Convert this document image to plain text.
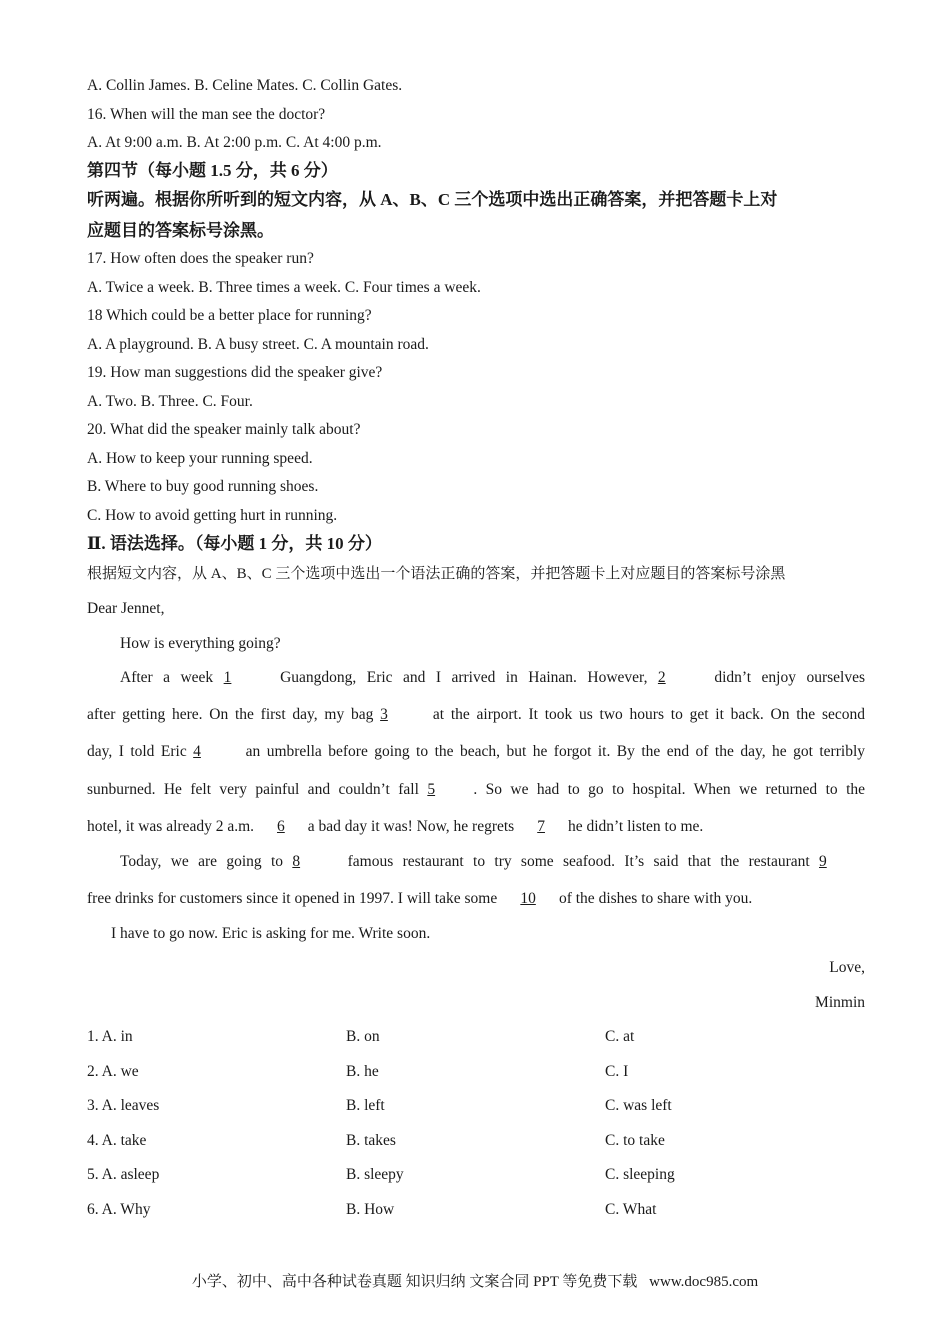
A. Collin James. B. Celine Mates. C. Collin Gates.
16. When will the man see the doctor?
A. At 9:00 a.m. B. At 2:00 p.m. C. At 4:00 p.m.
第四节（每小题 1.5 分，共 6 分）
听两遍。根据你所听到的短文内容，从 A、B、C 三个选项中选出正确答案，并把答题卡上对
应题目的答案标号涂黑。
17. How often does the speaker run?
A. Twice a week. B. Three times a week. C. Four times a week.
18 Which could be a better place for running?
A. A playground. B. A busy street. C. A mountain road.
19. How man suggestions did the speaker give?
A. Two. B. Three. C. Four.
20. What did the speaker mainly talk about?
A. How to keep your running speed.
B. Where to buy good running shoes.
C. How to avoid getting hurt in running.
Ⅱ. 语法选择。（每小题 1 分，共 10 分）
根据短文内容，从 A、B、C 三个选项中选出一个语法正确的答案，并把答题卡上对应题目的答案标号涂黑
Dear Jennet,
How is everything going?
After a week 1 Guangdong, Eric and I arrived in Hainan. However, 2 didn’t enjoy ourselves
after getting here. On the first day, my bag 3 at the airport. It took us two hours to get it back. On the second
day, I told Eric 4 an umbrella before going to the beach, but he forgot it. By the end of the day, he got terribly
sunburned. He felt very painful and couldn’t fall 5 . So we had to go to hospital. When we returned to the
hotel, it was already 2 a.m. 6 a bad day it was! Now, he regrets 7 he didn’t listen to me.
Today, we are going to 8 famous restaurant to try some seafood. It’s said that the restaurant 9
free drinks for customers since it opened in 1997. I will take some 10 of the dishes to share with you.
I have to go now. Eric is asking for me. Write soon.
Love,
Minmin
1. A. in	B. on	C. at
2. A. we	B. he	C. I
3. A. leaves	B. left	C. was left
4. A. take	B. takes	C. to take
5. A. asleep	B. sleepy	C. sleeping
6. A. Why	B. How	C. What
小学、初中、高中各种试卷真题 知识归纳 文案合同 PPT 等免费下载 www.doc985.com
